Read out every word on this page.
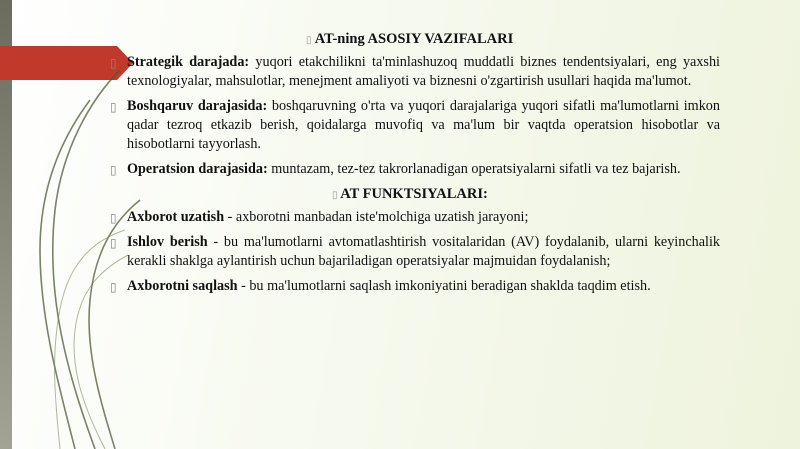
▯ AT-ning ASOSIY VAZIFALARI
▯ Strategik darajada: yuqori etakchilikni ta'minlashuzoq muddatli biznes tendentsiyalari, eng yaxshi texnologiyalar, mahsulotlar, menejment amaliyoti va biznesni o'zgartirish usullari haqida ma'lumot.
▯ Boshqaruv darajasida: boshqaruvning o'rta va yuqori darajalariga yuqori sifatli ma'lumotlarni imkon qadar tezroq etkazib berish, qoidalarga muvofiq va ma'lum bir vaqtda operatsion hisobotlar va hisobotlarni tayyorlash.
▯ Operatsion darajasida: muntazam, tez-tez takrorlanadigan operatsiyalarni sifatli va tez bajarish.
▯ AT FUNKTSIYALARI:
▯ Axborot uzatish - axborotni manbadan iste'molchiga uzatish jarayoni;
▯ Ishlov berish - bu ma'lumotlarni avtomatlashtirish vositalaridan (AV) foydalanib, ularni keyinchalik kerakli shaklga aylantirish uchun bajariladigan operatsiyalar majmuidan foydalanish;
▯ Axborotni saqlash - bu ma'lumotlarni saqlash imkoniyatini beradigan shaklda taqdim etish.
